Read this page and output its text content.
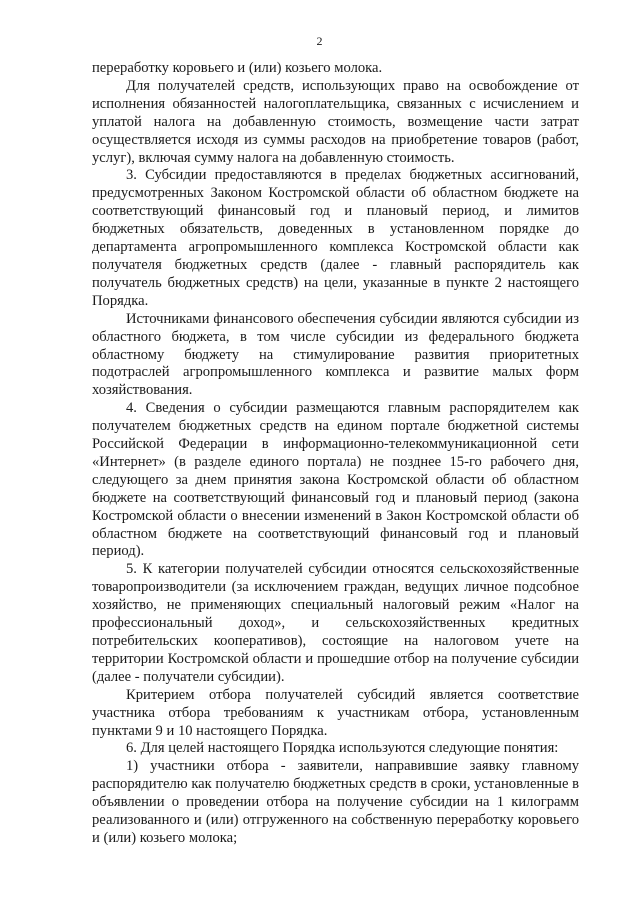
2

переработку коровьего и (или) козьего молока.

Для получателей средств, использующих право на освобождение от исполнения обязанностей налогоплательщика, связанных с исчислением и уплатой налога на добавленную стоимость, возмещение части затрат осуществляется исходя из суммы расходов на приобретение товаров (работ, услуг), включая сумму налога на добавленную стоимость.

3. Субсидии предоставляются в пределах бюджетных ассигнований, предусмотренных Законом Костромской области об областном бюджете на соответствующий финансовый год и плановый период, и лимитов бюджетных обязательств, доведенных в установленном порядке до департамента агропромышленного комплекса Костромской области как получателя бюджетных средств (далее - главный распорядитель как получатель бюджетных средств) на цели, указанные в пункте 2 настоящего Порядка.

Источниками финансового обеспечения субсидии являются субсидии из областного бюджета, в том числе субсидии из федерального бюджета областному бюджету на стимулирование развития приоритетных подотраслей агропромышленного комплекса и развитие малых форм хозяйствования.

4. Сведения о субсидии размещаются главным распорядителем как получателем бюджетных средств на едином портале бюджетной системы Российской Федерации в информационно-телекоммуникационной сети «Интернет» (в разделе единого портала) не позднее 15-го рабочего дня, следующего за днем принятия закона Костромской области об областном бюджете на соответствующий финансовый год и плановый период (закона Костромской области о внесении изменений в Закон Костромской области об областном бюджете на соответствующий финансовый год и плановый период).

5. К категории получателей субсидии относятся сельскохозяйственные товаропроизводители (за исключением граждан, ведущих личное подсобное хозяйство, не применяющих специальный налоговый режим «Налог на профессиональный доход», и сельскохозяйственных кредитных потребительских кооперативов), состоящие на налоговом учете на территории Костромской области и прошедшие отбор на получение субсидии (далее - получатели субсидии).

Критерием отбора получателей субсидий является соответствие участника отбора требованиям к участникам отбора, установленным пунктами 9 и 10 настоящего Порядка.

6. Для целей настоящего Порядка используются следующие понятия:

1) участники отбора - заявители, направившие заявку главному распорядителю как получателю бюджетных средств в сроки, установленные в объявлении о проведении отбора на получение субсидии на 1 килограмм реализованного и (или) отгруженного на собственную переработку коровьего и (или) козьего молока;
